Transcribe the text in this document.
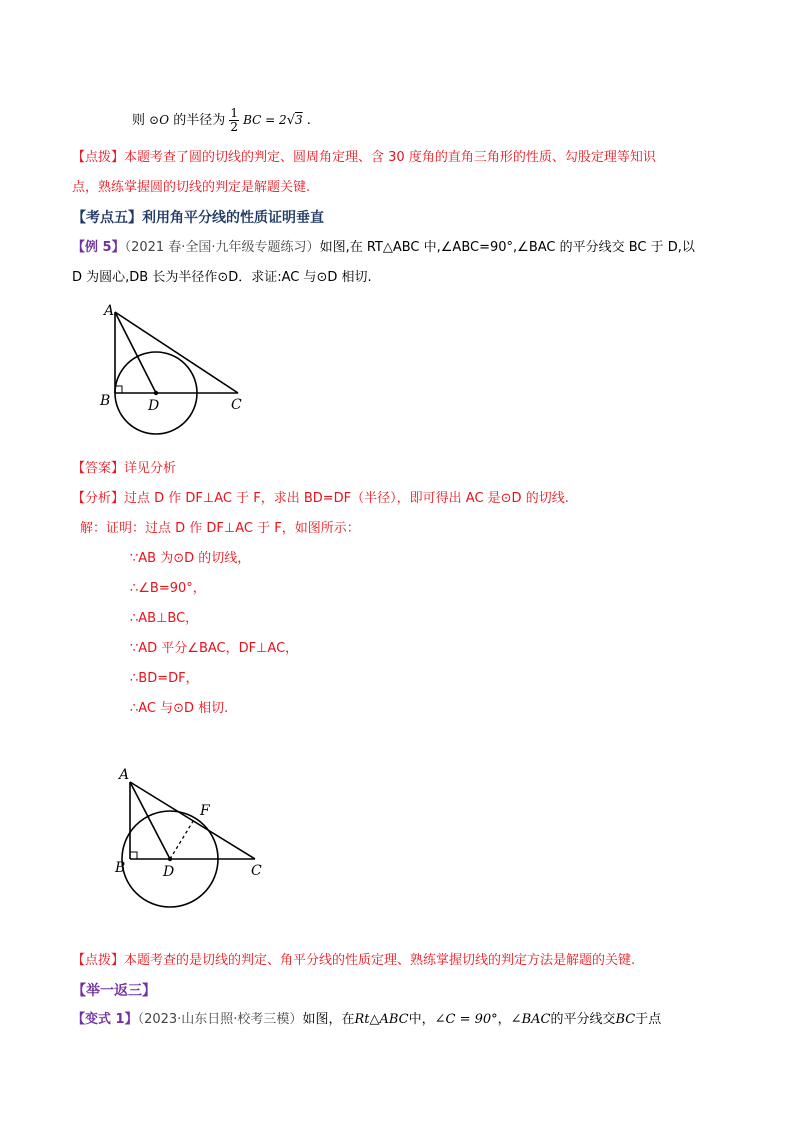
则 ⊙O 的半径为 $\frac{1}{2}$ BC = 2√3 .
【点拨】本题考查了圆的切线的判定、圆周角定理、含 30 度角的直角三角形的性质、勾股定理等知识
点，熟练掌握圆的切线的判定是解题关键.
【考点五】利用角平分线的性质证明垂直
【例 5】（2021 春·全国·九年级专题练习）如图,在 RT△ABC 中,∠ABC=90°,∠BAC 的平分线交 BC 于 D,以
D 为圆心,DB 长为半径作⊙D．求证:AC 与⊙D 相切.
A
B	D	C
【答案】详见分析
【分析】过点 D 作 DF⊥AC 于 F，求出 BD=DF（半径），即可得出 AC 是⊙D 的切线.
解：证明：过点 D 作 DF⊥AC 于 F，如图所示：
∵AB 为⊙D 的切线，
∴∠B=90°，
∴AB⊥BC，
∵AD 平分∠BAC，DF⊥AC，
∴BD=DF，
∴AC 与⊙D 相切.
A
F
B	D	C
【点拨】本题考查的是切线的判定、角平分线的性质定理、熟练掌握切线的判定方法是解题的关键.
【举一返三】
【变式 1】（2023·山东日照·校考三模）如图，在Rt△ABC中，∠C = 90°，∠BAC的平分线交BC于点
